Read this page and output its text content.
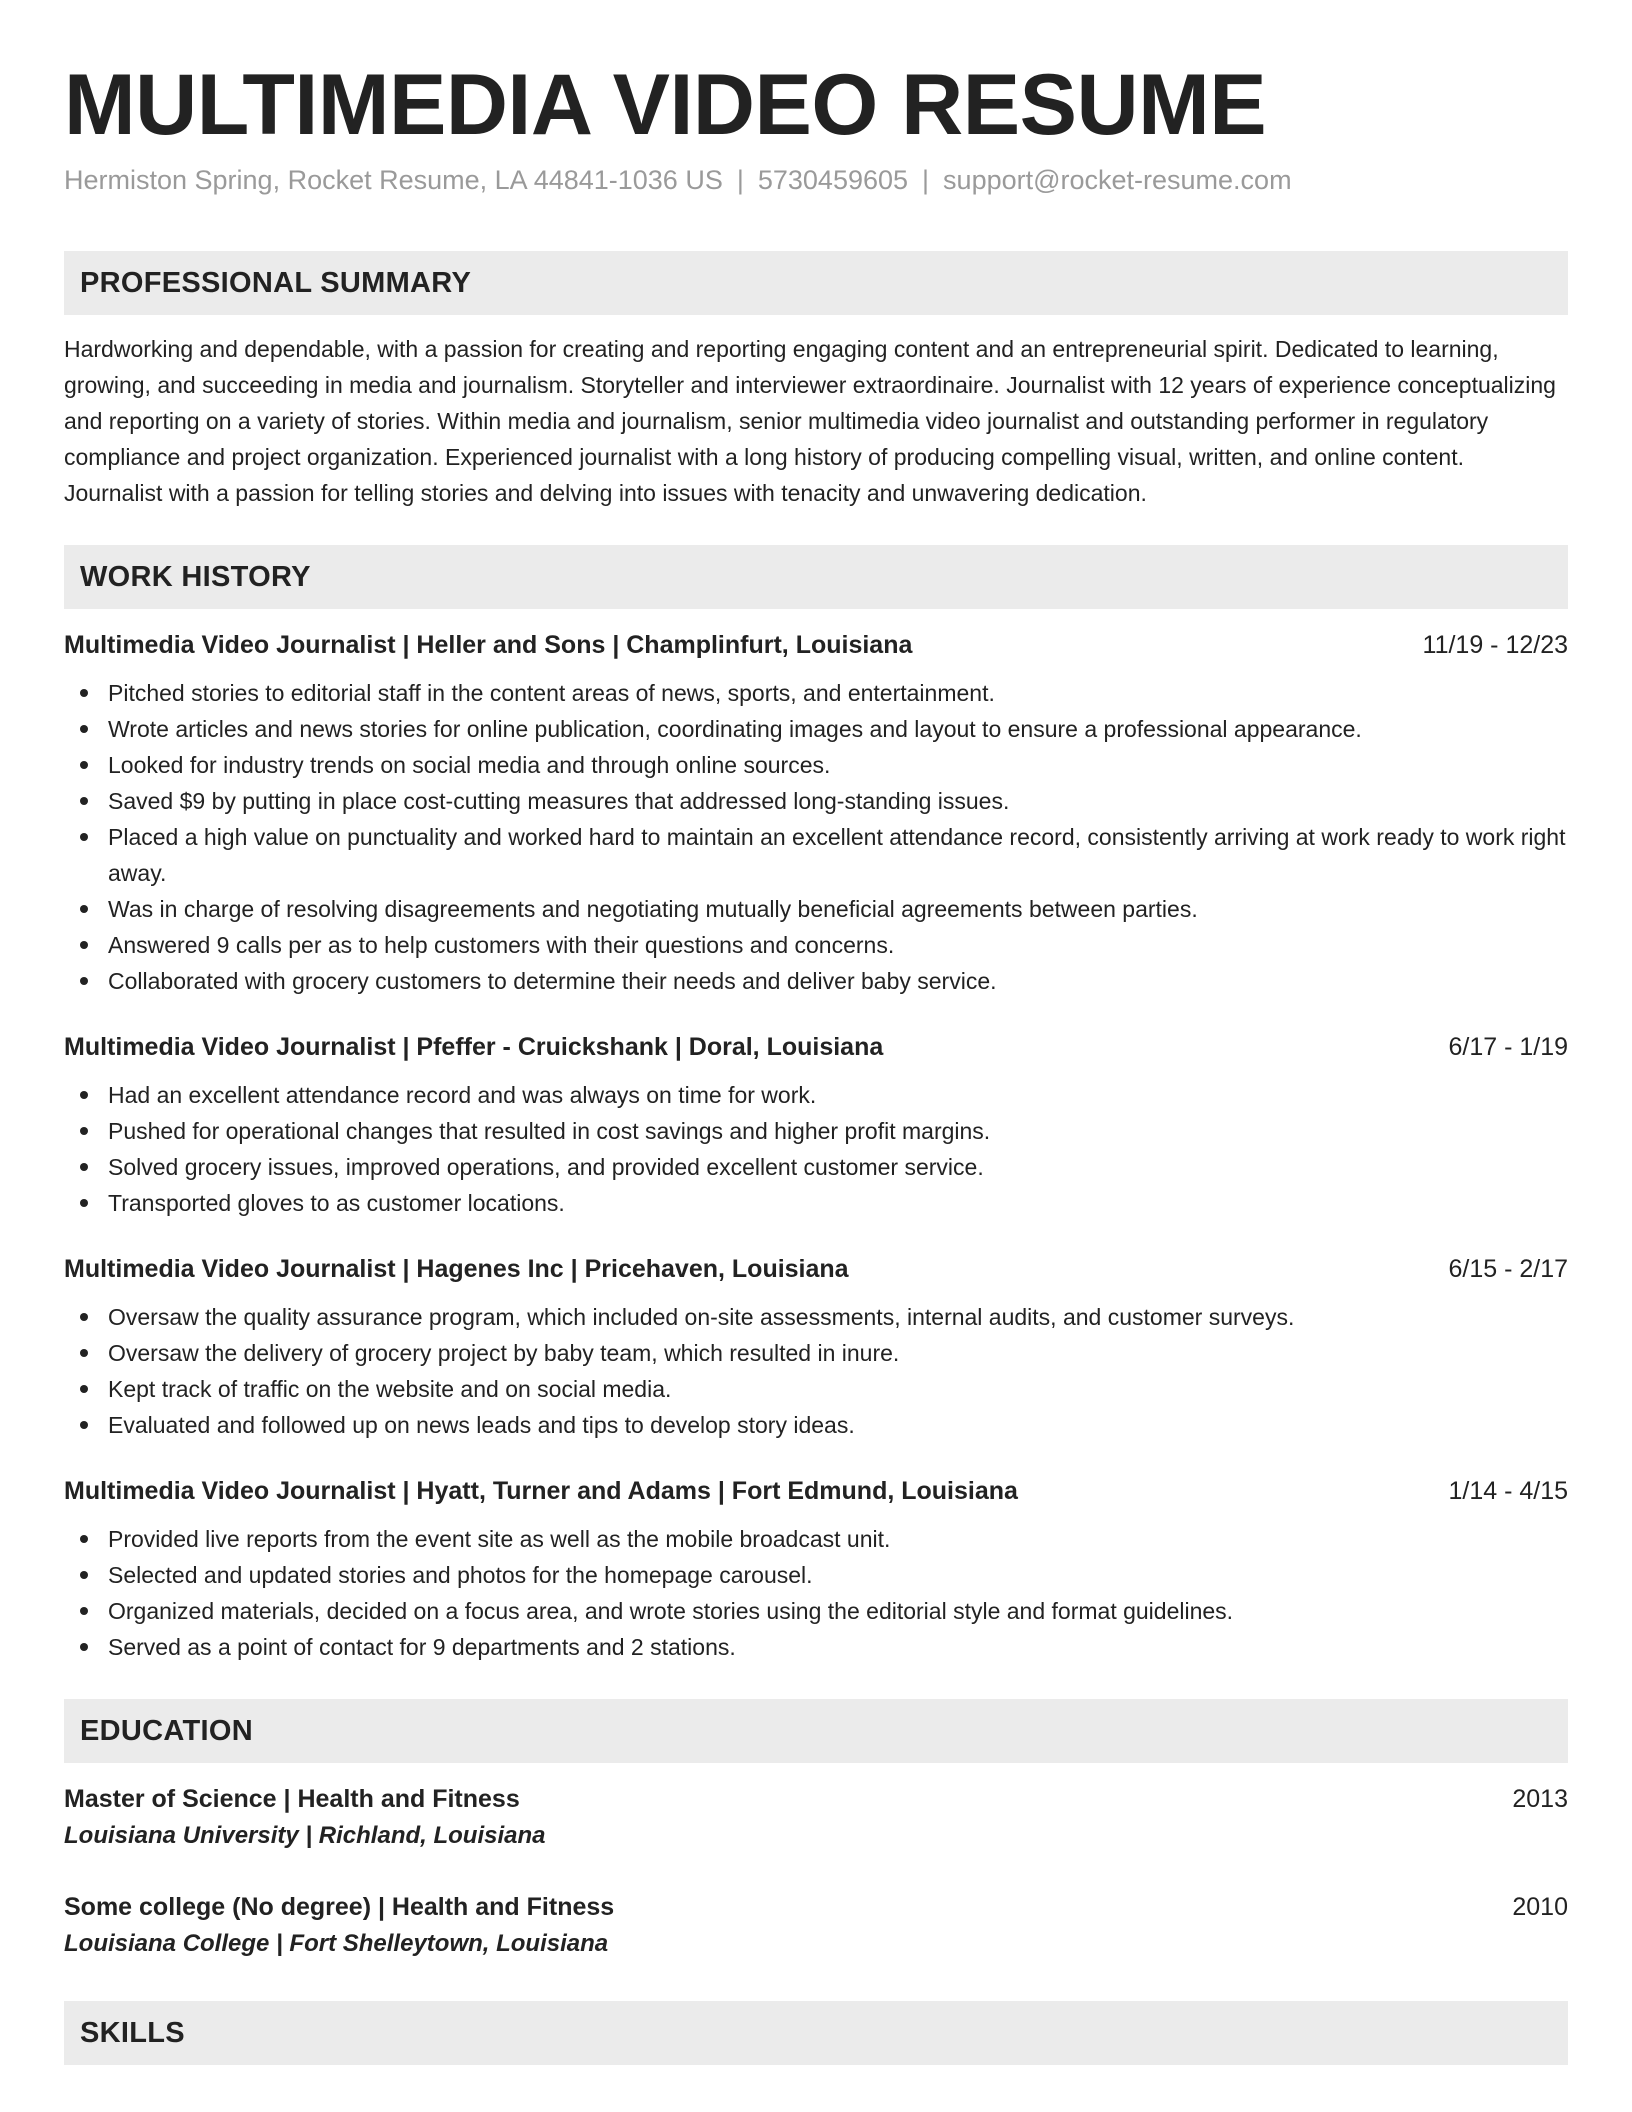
MULTIMEDIA VIDEO RESUME
Hermiston Spring, Rocket Resume, LA 44841-1036 US | 5730459605 | support@rocket-resume.com
PROFESSIONAL SUMMARY

Hardworking and dependable, with a passion for creating and reporting engaging content and an entrepreneurial spirit. Dedicated to learning, growing, and succeeding in media and journalism. Storyteller and interviewer extraordinaire. Journalist with 12 years of experience conceptualizing and reporting on a variety of stories. Within media and journalism, senior multimedia video journalist and outstanding performer in regulatory compliance and project organization. Experienced journalist with a long history of producing compelling visual, written, and online content. Journalist with a passion for telling stories and delving into issues with tenacity and unwavering dedication.

WORK HISTORY
Multimedia Video Journalist | Heller and Sons | Champlinfurt, Louisiana	11/19 - 12/23
Pitched stories to editorial staff in the content areas of news, sports, and entertainment.
Wrote articles and news stories for online publication, coordinating images and layout to ensure a professional appearance.
Looked for industry trends on social media and through online sources.
Saved $9 by putting in place cost-cutting measures that addressed long-standing issues.
Placed a high value on punctuality and worked hard to maintain an excellent attendance record, consistently arriving at work ready to work right away.
Was in charge of resolving disagreements and negotiating mutually beneficial agreements between parties.
Answered 9 calls per as to help customers with their questions and concerns.
Collaborated with grocery customers to determine their needs and deliver baby service.
Multimedia Video Journalist | Pfeffer - Cruickshank | Doral, Louisiana	6/17 - 1/19
Had an excellent attendance record and was always on time for work.
Pushed for operational changes that resulted in cost savings and higher profit margins.
Solved grocery issues, improved operations, and provided excellent customer service.
Transported gloves to as customer locations.
Multimedia Video Journalist | Hagenes Inc | Pricehaven, Louisiana	6/15 - 2/17
Oversaw the quality assurance program, which included on-site assessments, internal audits, and customer surveys.
Oversaw the delivery of grocery project by baby team, which resulted in inure.
Kept track of traffic on the website and on social media.
Evaluated and followed up on news leads and tips to develop story ideas.
Multimedia Video Journalist | Hyatt, Turner and Adams | Fort Edmund, Louisiana	1/14 - 4/15
Provided live reports from the event site as well as the mobile broadcast unit.
Selected and updated stories and photos for the homepage carousel.
Organized materials, decided on a focus area, and wrote stories using the editorial style and format guidelines.
Served as a point of contact for 9 departments and 2 stations.
EDUCATION
Master of Science | Health and Fitness	2013
Louisiana University | Richland, Louisiana
Some college (No degree) | Health and Fitness	2010
Louisiana College | Fort Shelleytown, Louisiana
SKILLS
